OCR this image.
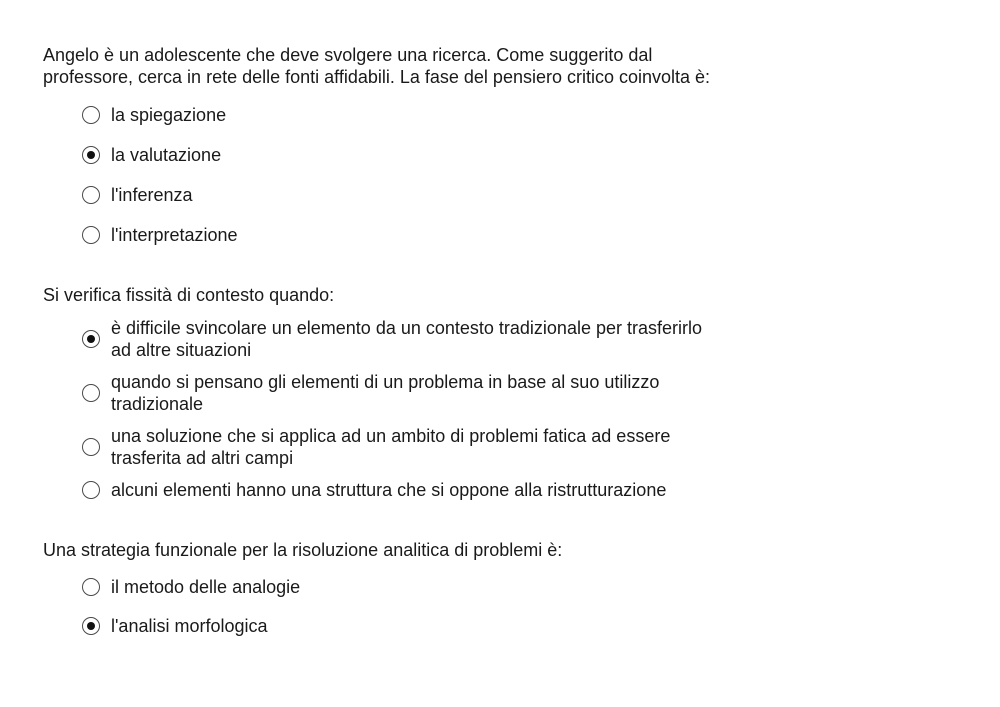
Angelo è un adolescente che deve svolgere una ricerca. Come suggerito dal professore, cerca in rete delle fonti affidabili. La fase del pensiero critico coinvolta è:

la spiegazione
la valutazione
l'inferenza
l'interpretazione

Si verifica fissità di contesto quando:

è difficile svincolare un elemento da un contesto tradizionale per trasferirlo ad altre situazioni
quando si pensano gli elementi di un problema in base al suo utilizzo tradizionale
una soluzione che si applica ad un ambito di problemi fatica ad essere trasferita ad altri campi
alcuni elementi hanno una struttura che si oppone alla ristrutturazione

Una strategia funzionale per la risoluzione analitica di problemi è:

il metodo delle analogie
l'analisi morfologica
